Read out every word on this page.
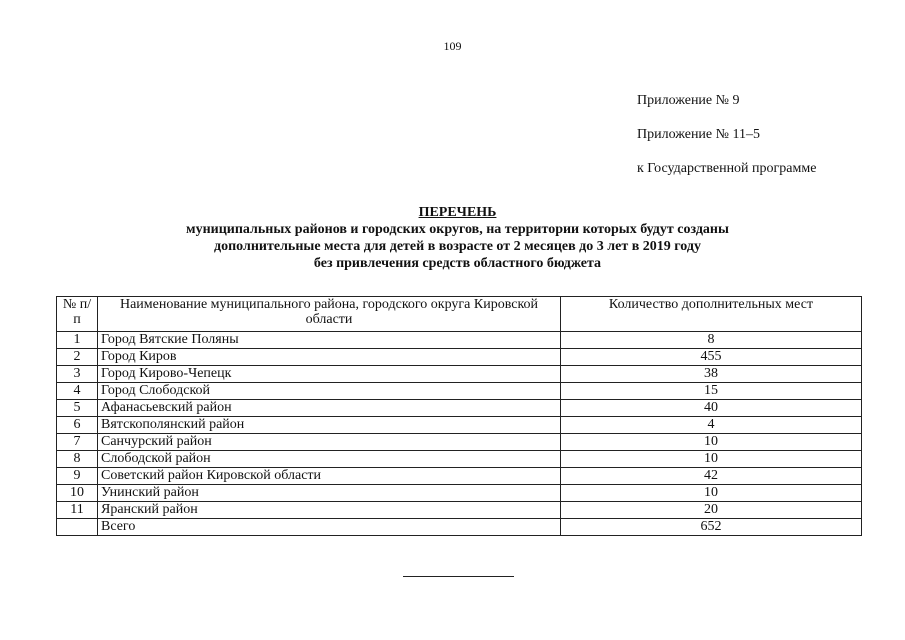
109
Приложение № 9
Приложение № 11–5
к Государственной программе
ПЕРЕЧЕНЬ
муниципальных районов и городских округов, на территории которых будут созданы
дополнительные места для детей в возрасте от 2 месяцев до 3 лет в 2019 году
без привлечения средств областного бюджета
№ п/п	Наименование муниципального района, городского округа Кировской области	Количество дополнительных мест
1	Город Вятские Поляны	8
2	Город Киров	455
3	Город Кирово-Чепецк	38
4	Город Слободской	15
5	Афанасьевский район	40
6	Вятскополянский район	4
7	Санчурский район	10
8	Слободской район	10
9	Советский район Кировской области	42
10	Унинский район	10
11	Яранский район	20
	Всего	652
